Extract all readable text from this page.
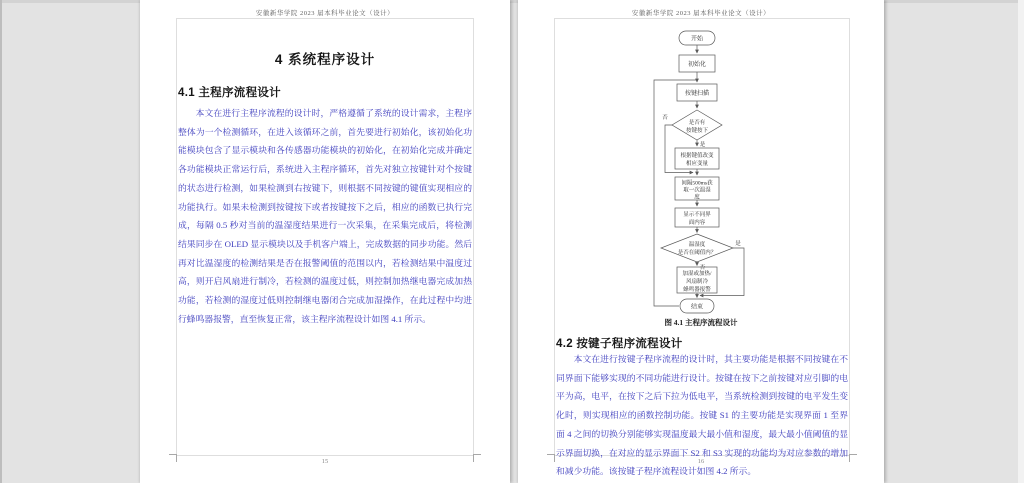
安徽新华学院 2023 届本科毕业论文（设计）
4 系统程序设计
4.1 主程序流程设计
本文在进行主程序流程的设计时，严格遵循了系统的设计需求，主程序整体为一个检测循环，在进入该循环之前，首先要进行初始化，该初始化功能模块包含了显示模块和各传感器功能模块的初始化，在初始化完成并确定各功能模块正常运行后，系统进入主程序循环，首先对独立按键针对个按键的状态进行检测，如果检测到右按键下，则根据不同按键的键值实现相应的功能执行。如果未检测到按键按下或者按键按下之后，相应的函数已执行完成，每隔 0.5 秒对当前的温湿度结果进行一次采集，在采集完成后，将检测结果同步在 OLED 显示模块以及手机客户端上，完成数据的同步功能。然后再对比温湿度的检测结果是否在报警阈值的范围以内，若检测结果中温度过高，则开启风扇进行制冷，若检测的温度过低，则控制加热继电器完成加热功能，若检测的湿度过低则控制继电器闭合完成加湿操作，在此过程中均进行蜂鸣器报警，直至恢复正常，该主程序流程设计如图 4.1 所示。
15
安徽新华学院 2023 届本科毕业论文（设计）
开始
初始化
按键扫描
是否有
按键按下
否
是
根据键值改变
相应变量
间隔500ms获
取一次温湿
度
显示不同界
面内容
温湿度
是否在阈值内？
是
否
加湿或加热/
风扇制冷
蜂鸣器报警
结束
图 4.1 主程序流程设计
4.2 按键子程序流程设计
本文在进行按键子程序流程的设计时，其主要功能是根据不同按键在不同界面下能够实现的不同功能进行设计。按键在按下之前按键对应引脚的电平为高，电平，在按下之后下拉为低电平，当系统检测到按键的电平发生变化时，则实现相应的函数控制功能。按键 S1 的主要功能是实现界面 1 至界面 4 之间的切换分别能够实现温度最大最小值和湿度，最大最小值阈值的显示界面切换，在对应的显示界面下 S2 和 S3 实现的功能均为对应参数的增加和减少功能。该按键子程序流程设计如图 4.2 所示。
16
